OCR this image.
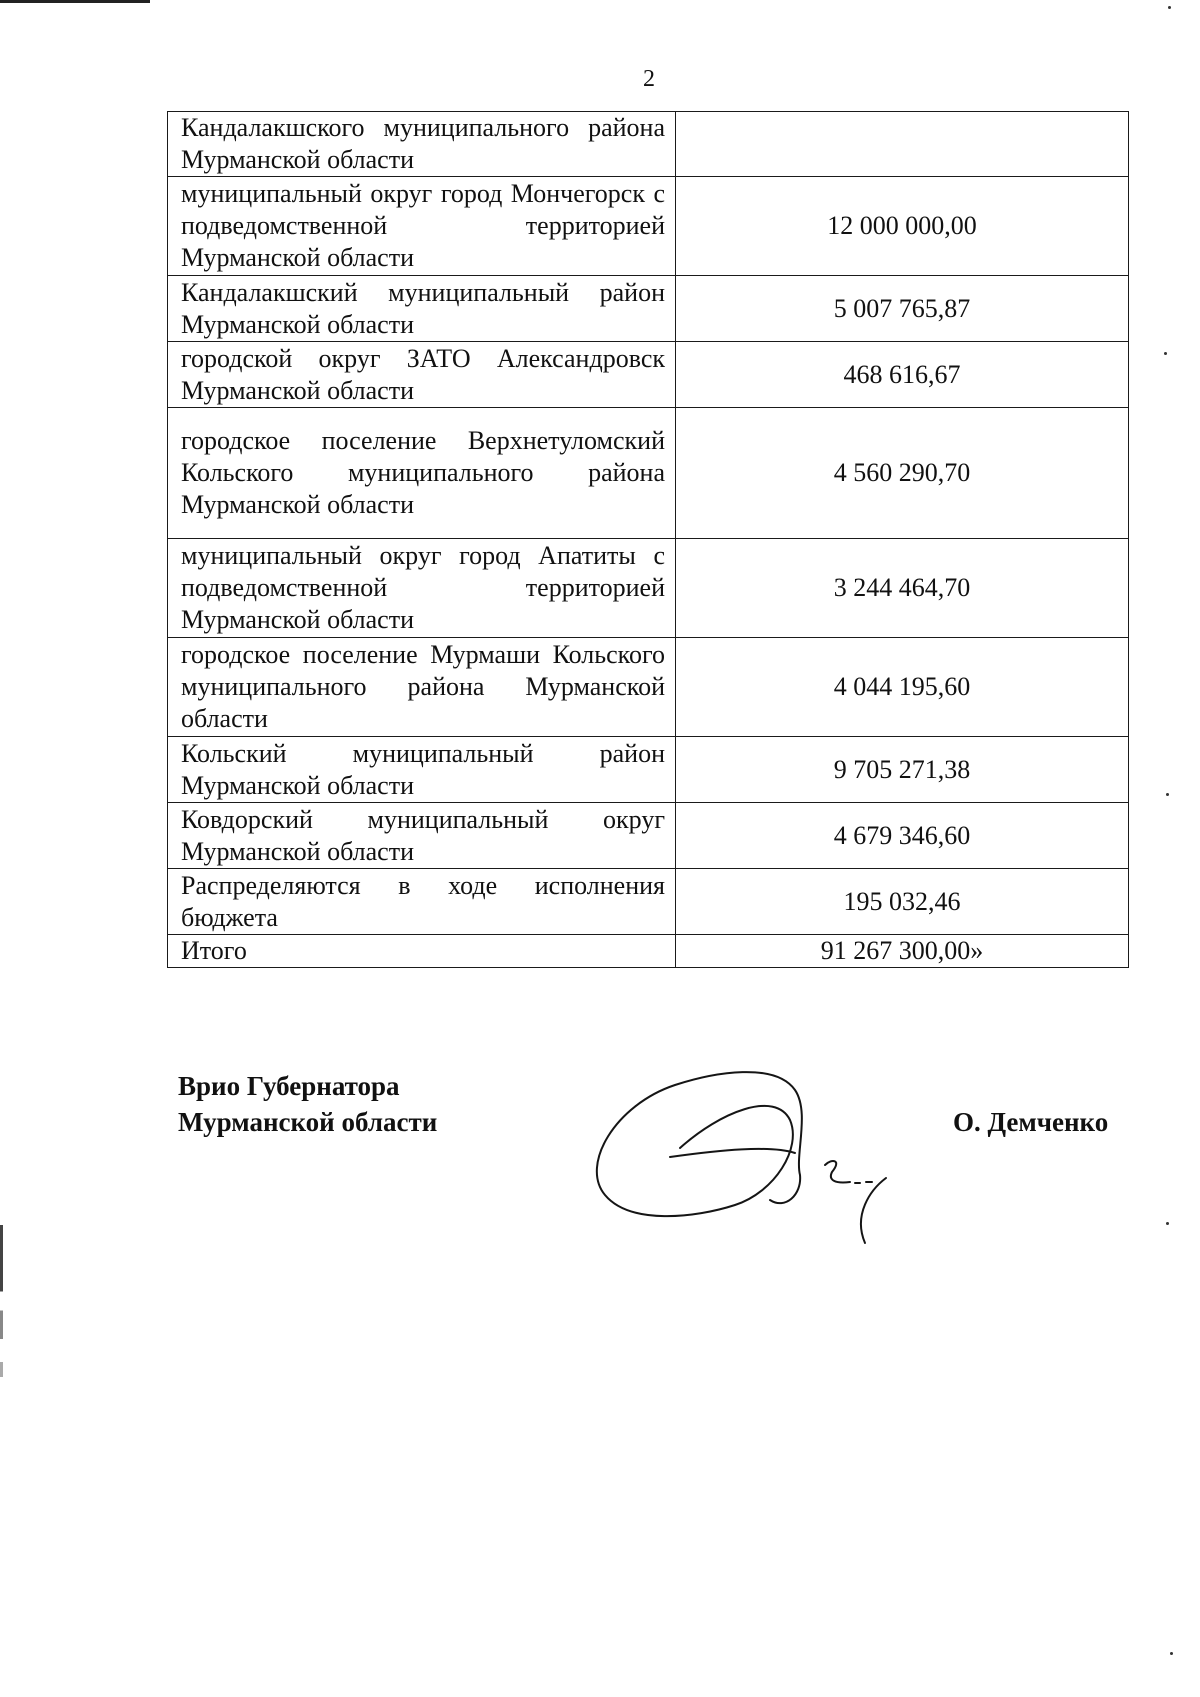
2
Кандалакшского муниципального района Мурманской области	
муниципальный округ город Мончегорск с подведомственной территорией Мурманской области	12 000 000,00
Кандалакшский муниципальный район Мурманской области	5 007 765,87
городской округ ЗАТО Александровск Мурманской области	468 616,67
городское поселение Верхнетуломский Кольского муниципального района Мурманской области	4 560 290,70
муниципальный округ город Апатиты с подведомственной территорией Мурманской области	3 244 464,70
городское поселение Мурмаши Кольского муниципального района Мурманской области	4 044 195,60
Кольский муниципальный район Мурманской области	9 705 271,38
Ковдорский муниципальный округ Мурманской области	4 679 346,60
Распределяются в ходе исполнения бюджета	195 032,46
Итого	91 267 300,00»
Врио Губернатора
Мурманской области	О. Демченко
